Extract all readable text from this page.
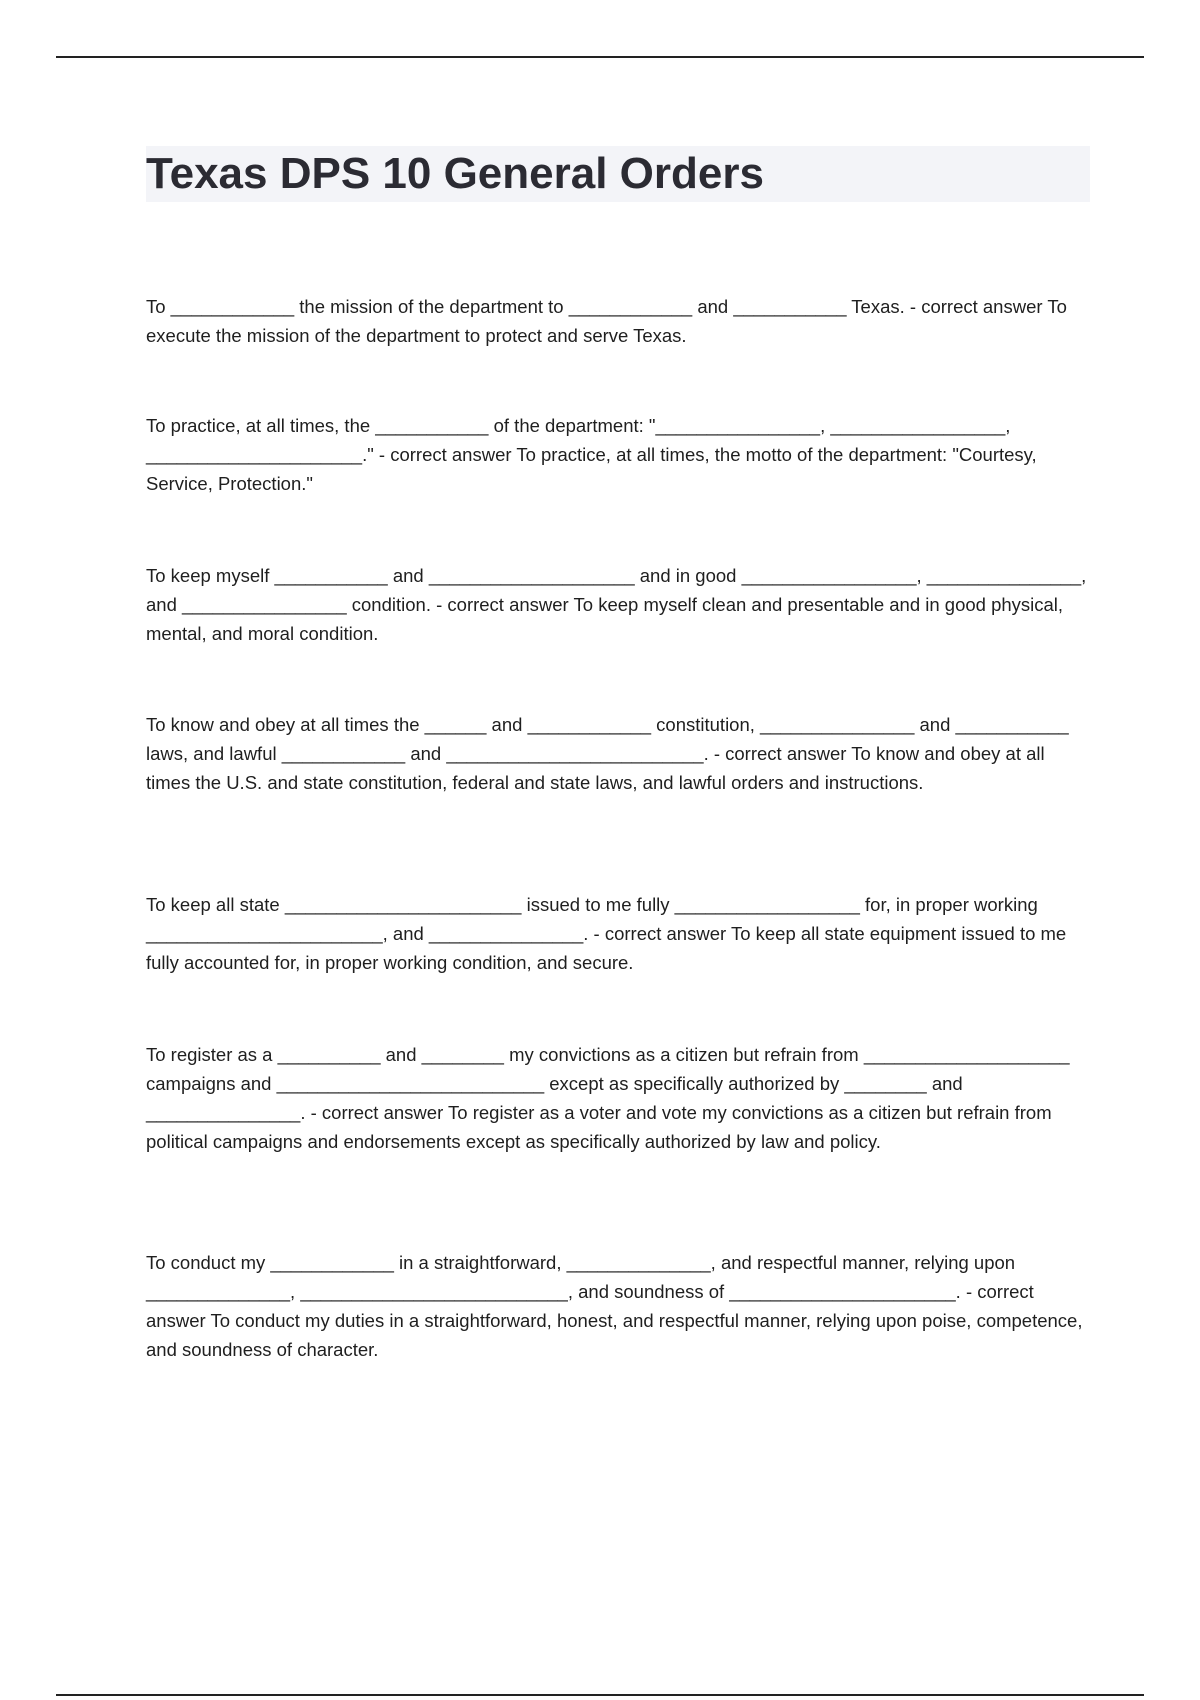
Texas DPS 10 General Orders

To ____________ the mission of the department to ____________ and ___________ Texas. - correct answer To execute the mission of the department to protect and serve Texas.

To practice, at all times, the ___________ of the department: "________________, _________________, _____________________." - correct answer To practice, at all times, the motto of the department: "Courtesy, Service, Protection."

To keep myself ___________ and ____________________ and in good _________________, _______________, and ________________ condition. - correct answer To keep myself clean and presentable and in good physical, mental, and moral condition.

To know and obey at all times the ______ and ____________ constitution, _______________ and ___________ laws, and lawful ____________ and _________________________. - correct answer To know and obey at all times the U.S. and state constitution, federal and state laws, and lawful orders and instructions.

To keep all state _______________________ issued to me fully __________________ for, in proper working _______________________, and _______________. - correct answer To keep all state equipment issued to me fully accounted for, in proper working condition, and secure.

To register as a __________ and ________ my convictions as a citizen but refrain from ____________________ campaigns and __________________________ except as specifically authorized by ________ and _______________. - correct answer To register as a voter and vote my convictions as a citizen but refrain from political campaigns and endorsements except as specifically authorized by law and policy.

To conduct my ____________ in a straightforward, ______________, and respectful manner, relying upon ______________, __________________________, and soundness of ______________________. - correct answer To conduct my duties in a straightforward, honest, and respectful manner, relying upon poise, competence, and soundness of character.
